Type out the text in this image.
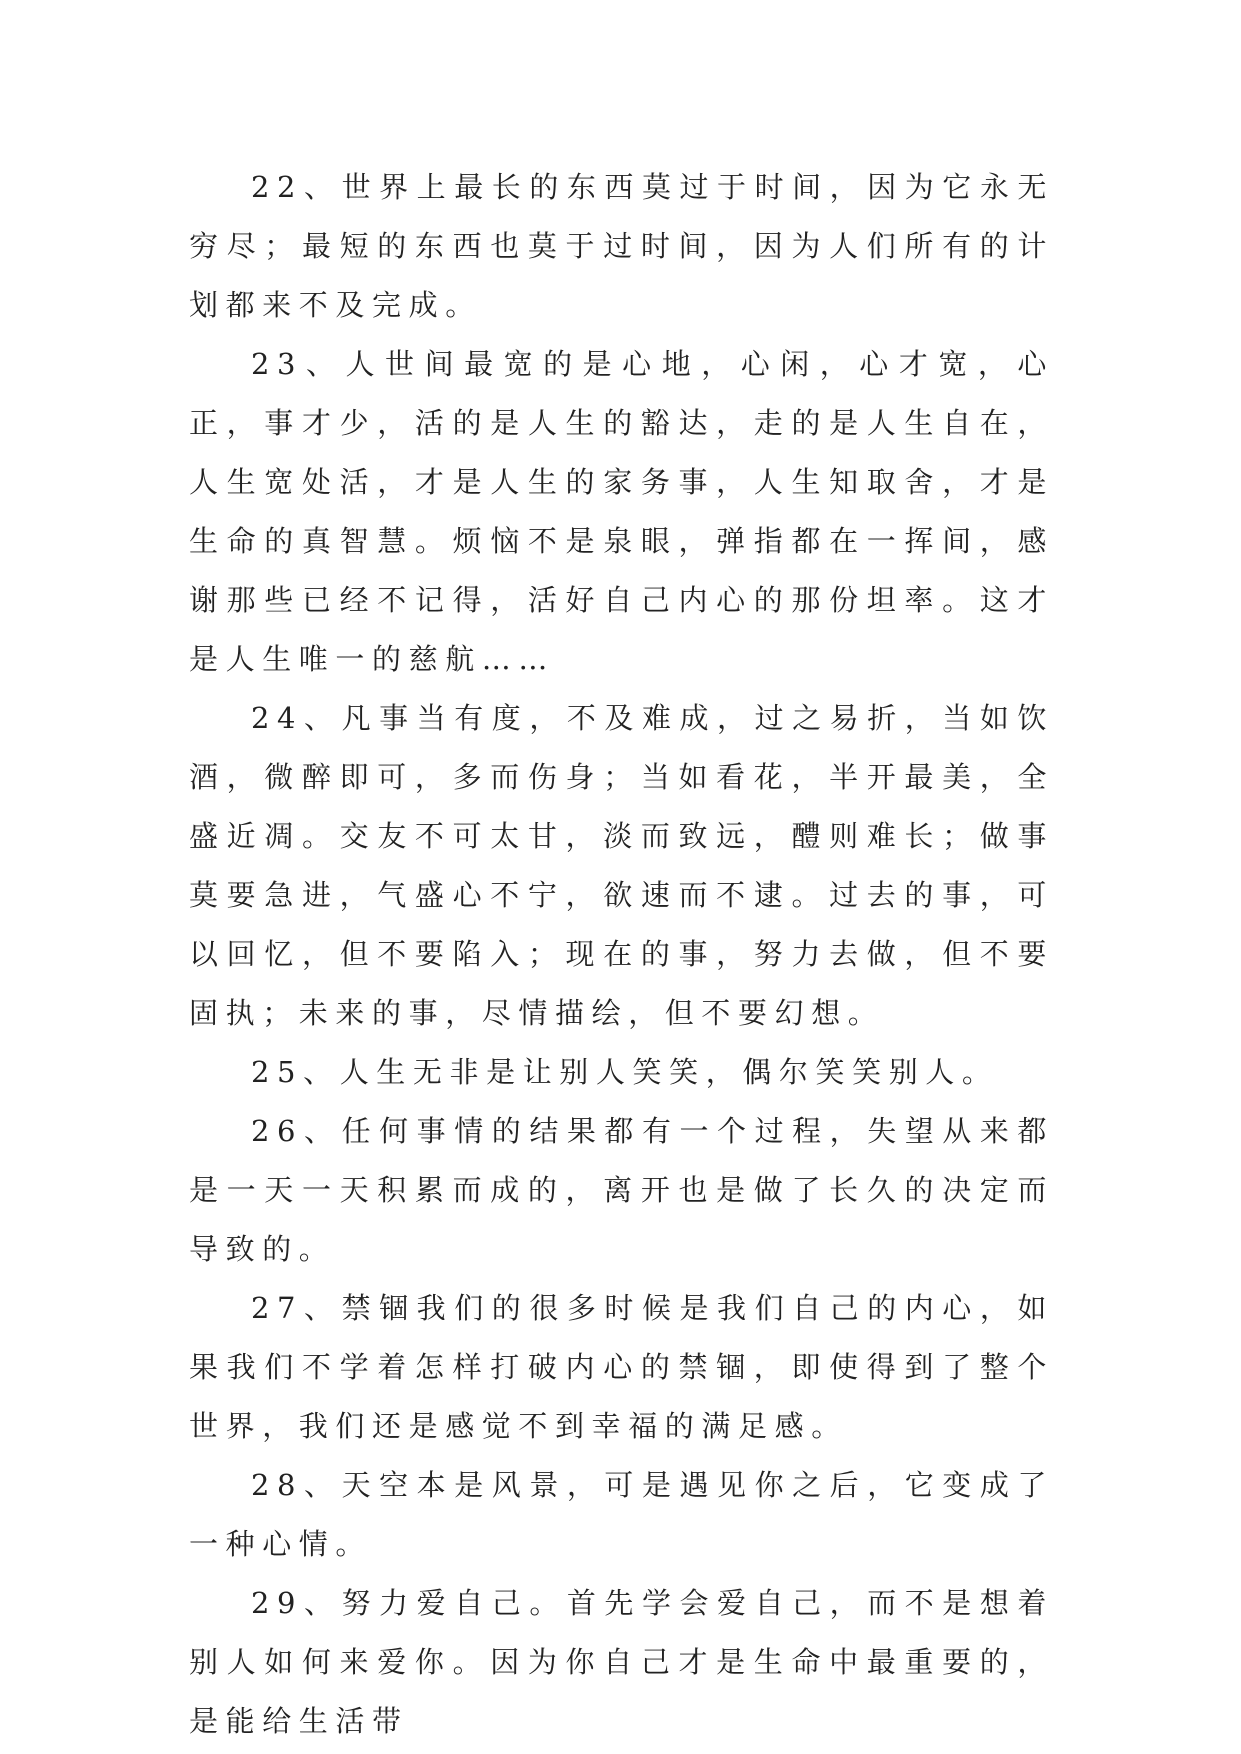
22、世界上最长的东西莫过于时间，因为它永无穷尽；最短的东西也莫于过时间，因为人们所有的计划都来不及完成。

23、人世间最宽的是心地，心闲，心才宽，心正，事才少，活的是人生的豁达，走的是人生自在，人生宽处活，才是人生的家务事，人生知取舍，才是生命的真智慧。烦恼不是泉眼，弹指都在一挥间，感谢那些已经不记得，活好自己内心的那份坦率。这才是人生唯一的慈航……

24、凡事当有度，不及难成，过之易折，当如饮酒，微醉即可，多而伤身；当如看花，半开最美，全盛近凋。交友不可太甘，淡而致远，醴则难长；做事莫要急进，气盛心不宁，欲速而不逮。过去的事，可以回忆，但不要陷入；现在的事，努力去做，但不要固执；未来的事，尽情描绘，但不要幻想。

25、人生无非是让别人笑笑，偶尔笑笑别人。

26、任何事情的结果都有一个过程，失望从来都是一天一天积累而成的，离开也是做了长久的决定而导致的。

27、禁锢我们的很多时候是我们自己的内心，如果我们不学着怎样打破内心的禁锢，即使得到了整个世界，我们还是感觉不到幸福的满足感。

28、天空本是风景，可是遇见你之后，它变成了一种心情。

29、努力爱自己。首先学会爱自己，而不是想着别人如何来爱你。因为你自己才是生命中最重要的，是能给生活带
